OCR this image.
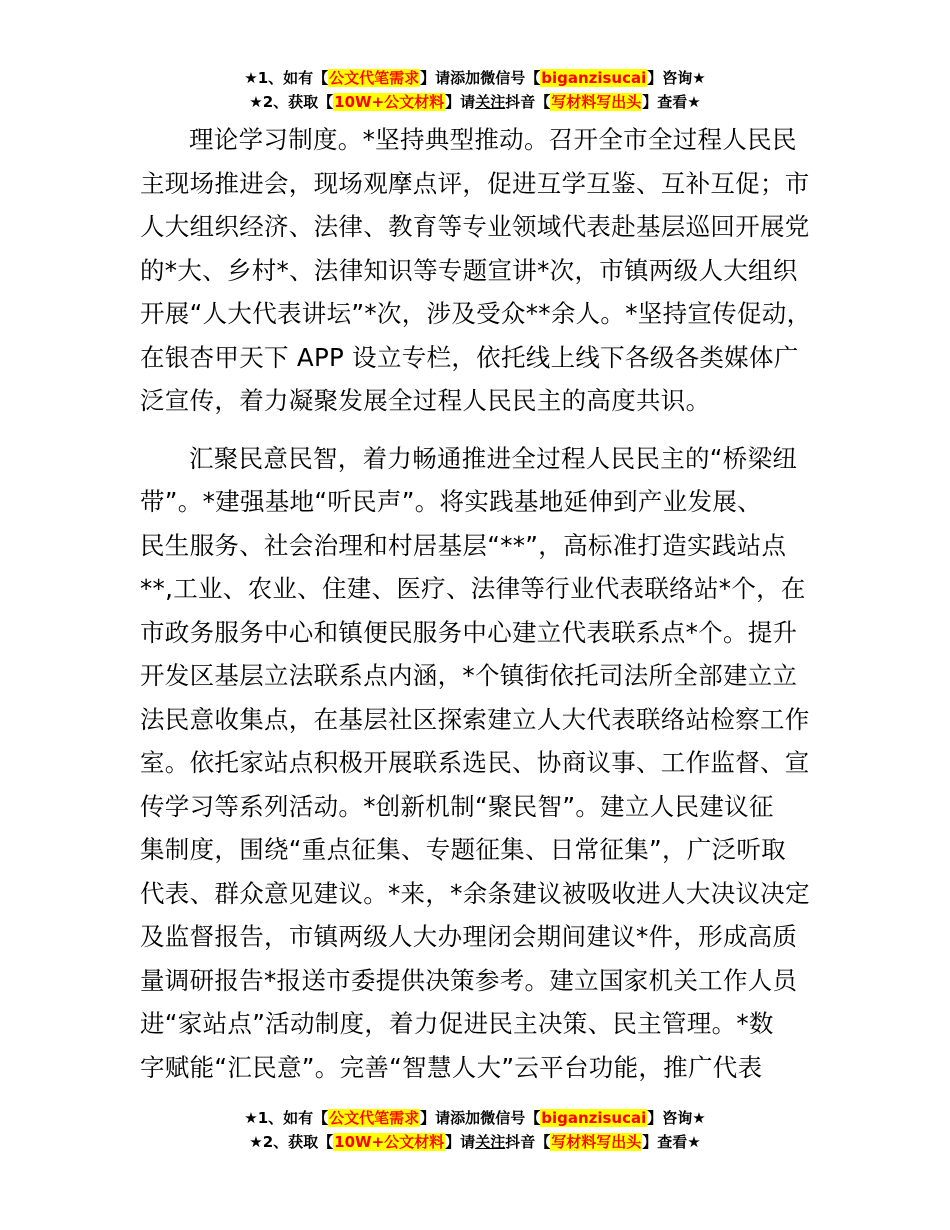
★1、如有【公文代笔需求】请添加微信号【biganzisucai】咨询★
★2、获取【10W+公文材料】请关注抖音【写材料写出头】查看★
理论学习制度。*坚持典型推动。召开全市全过程人民民
主现场推进会，现场观摩点评，促进互学互鉴、互补互促；市
人大组织经济、法律、教育等专业领域代表赴基层巡回开展党
的*大、乡村*、法律知识等专题宣讲*次，市镇两级人大组织
开展“人大代表讲坛”*次，涉及受众**余人。*坚持宣传促动，
在银杏甲天下 APP 设立专栏，依托线上线下各级各类媒体广
泛宣传，着力凝聚发展全过程人民民主的高度共识。
汇聚民意民智，着力畅通推进全过程人民民主的“桥梁纽
带”。*建强基地“听民声”。将实践基地延伸到产业发展、
民生服务、社会治理和村居基层“**”，高标准打造实践站点
**,工业、农业、住建、医疗、法律等行业代表联络站*个，在
市政务服务中心和镇便民服务中心建立代表联系点*个。提升
开发区基层立法联系点内涵，*个镇街依托司法所全部建立立
法民意收集点，在基层社区探索建立人大代表联络站检察工作
室。依托家站点积极开展联系选民、协商议事、工作监督、宣
传学习等系列活动。*创新机制“聚民智”。建立人民建议征
集制度，围绕“重点征集、专题征集、日常征集”，广泛听取
代表、群众意见建议。*来，*余条建议被吸收进人大决议决定
及监督报告，市镇两级人大办理闭会期间建议*件，形成高质
量调研报告*报送市委提供决策参考。建立国家机关工作人员
进“家站点”活动制度，着力促进民主决策、民主管理。*数
字赋能“汇民意”。完善“智慧人大”云平台功能，推广代表
★1、如有【公文代笔需求】请添加微信号【biganzisucai】咨询★
★2、获取【10W+公文材料】请关注抖音【写材料写出头】查看★
